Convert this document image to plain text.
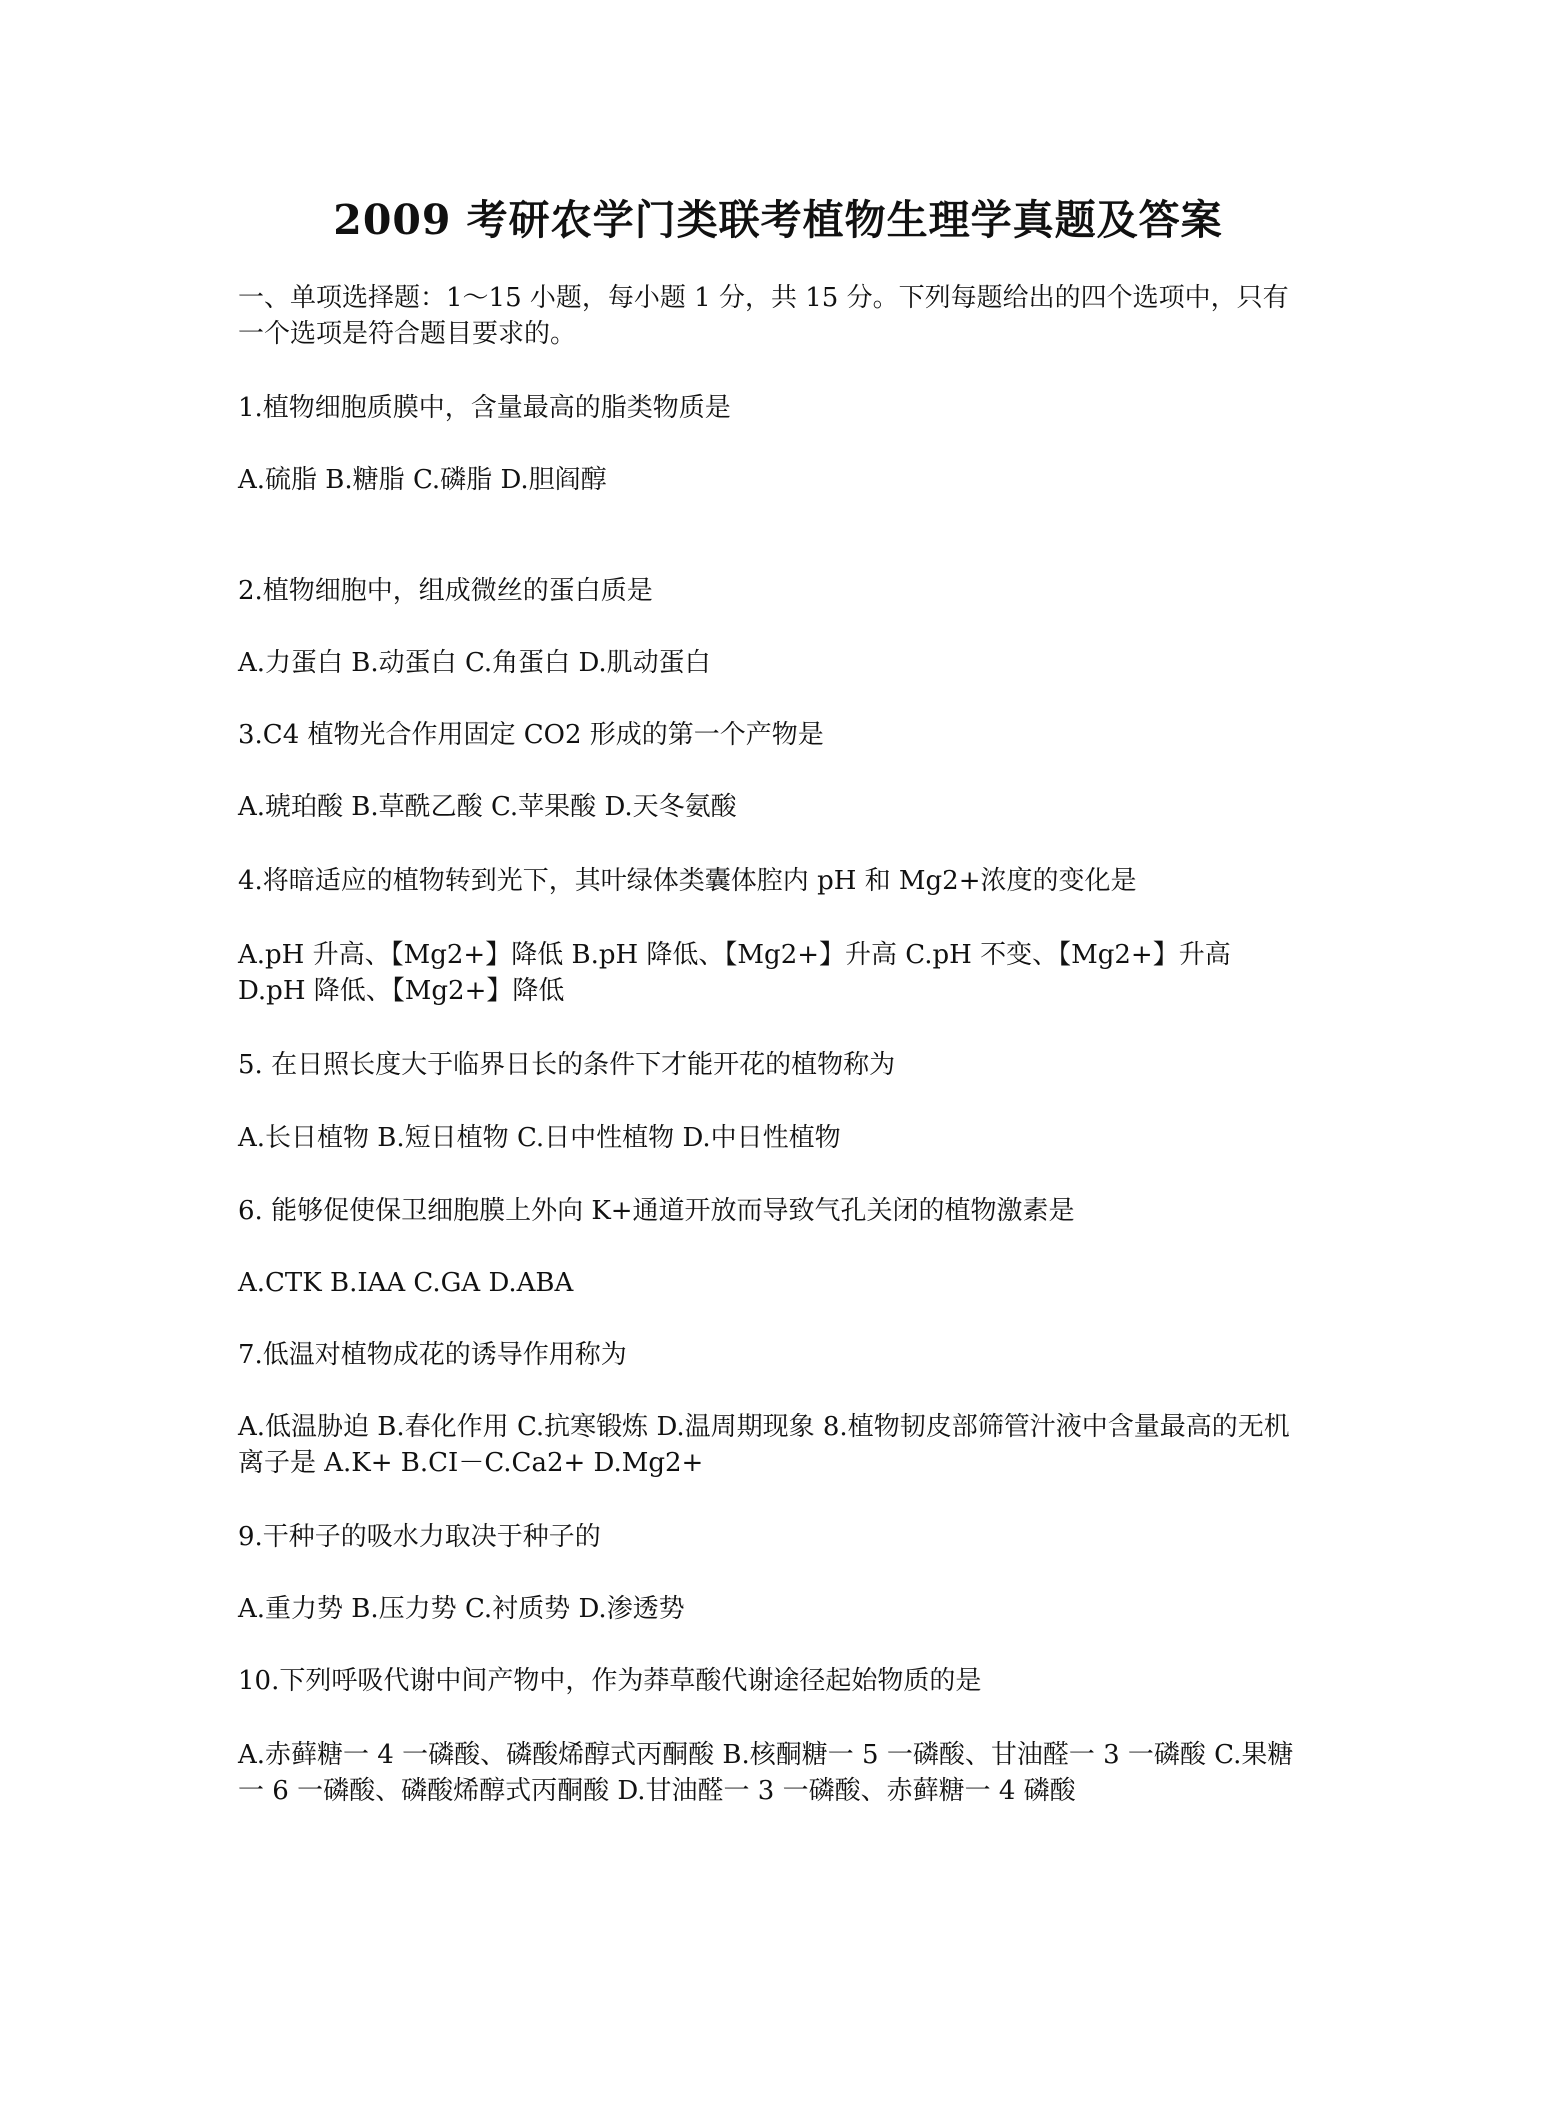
2009 考研农学门类联考植物生理学真题及答案

一、单项选择题：1～15 小题，每小题 1 分，共 15 分。下列每题给出的四个选项中，只有一个选项是符合题目要求的。

1.植物细胞质膜中，含量最高的脂类物质是

A.硫脂 B.糖脂 C.磷脂 D.胆阎醇

2.植物细胞中，组成微丝的蛋白质是

A.力蛋白 B.动蛋白 C.角蛋白 D.肌动蛋白

3.C4 植物光合作用固定 CO2 形成的第一个产物是

A.琥珀酸 B.草酰乙酸 C.苹果酸 D.天冬氨酸

4.将暗适应的植物转到光下，其叶绿体类囊体腔内 pH 和 Mg2+浓度的变化是

A.pH 升高、【Mg2+】降低 B.pH 降低、【Mg2+】升高 C.pH 不变、【Mg2+】升高 D.pH 降低、【Mg2+】降低

5. 在日照长度大于临界日长的条件下才能开花的植物称为

A.长日植物 B.短日植物 C.日中性植物 D.中日性植物

6. 能够促使保卫细胞膜上外向 K+通道开放而导致气孔关闭的植物激素是

A.CTK B.IAA C.GA D.ABA

7.低温对植物成花的诱导作用称为

A.低温胁迫 B.春化作用 C.抗寒锻炼 D.温周期现象 8.植物韧皮部筛管汁液中含量最高的无机离子是 A.K+ B.CI－C.Ca2+ D.Mg2+

9.干种子的吸水力取决于种子的

A.重力势 B.压力势 C.衬质势 D.渗透势

10.下列呼吸代谢中间产物中，作为莽草酸代谢途径起始物质的是

A.赤藓糖一 4 一磷酸、磷酸烯醇式丙酮酸 B.核酮糖一 5 一磷酸、甘油醛一 3 一磷酸 C.果糖一 6 一磷酸、磷酸烯醇式丙酮酸 D.甘油醛一 3 一磷酸、赤藓糖一 4 磷酸
